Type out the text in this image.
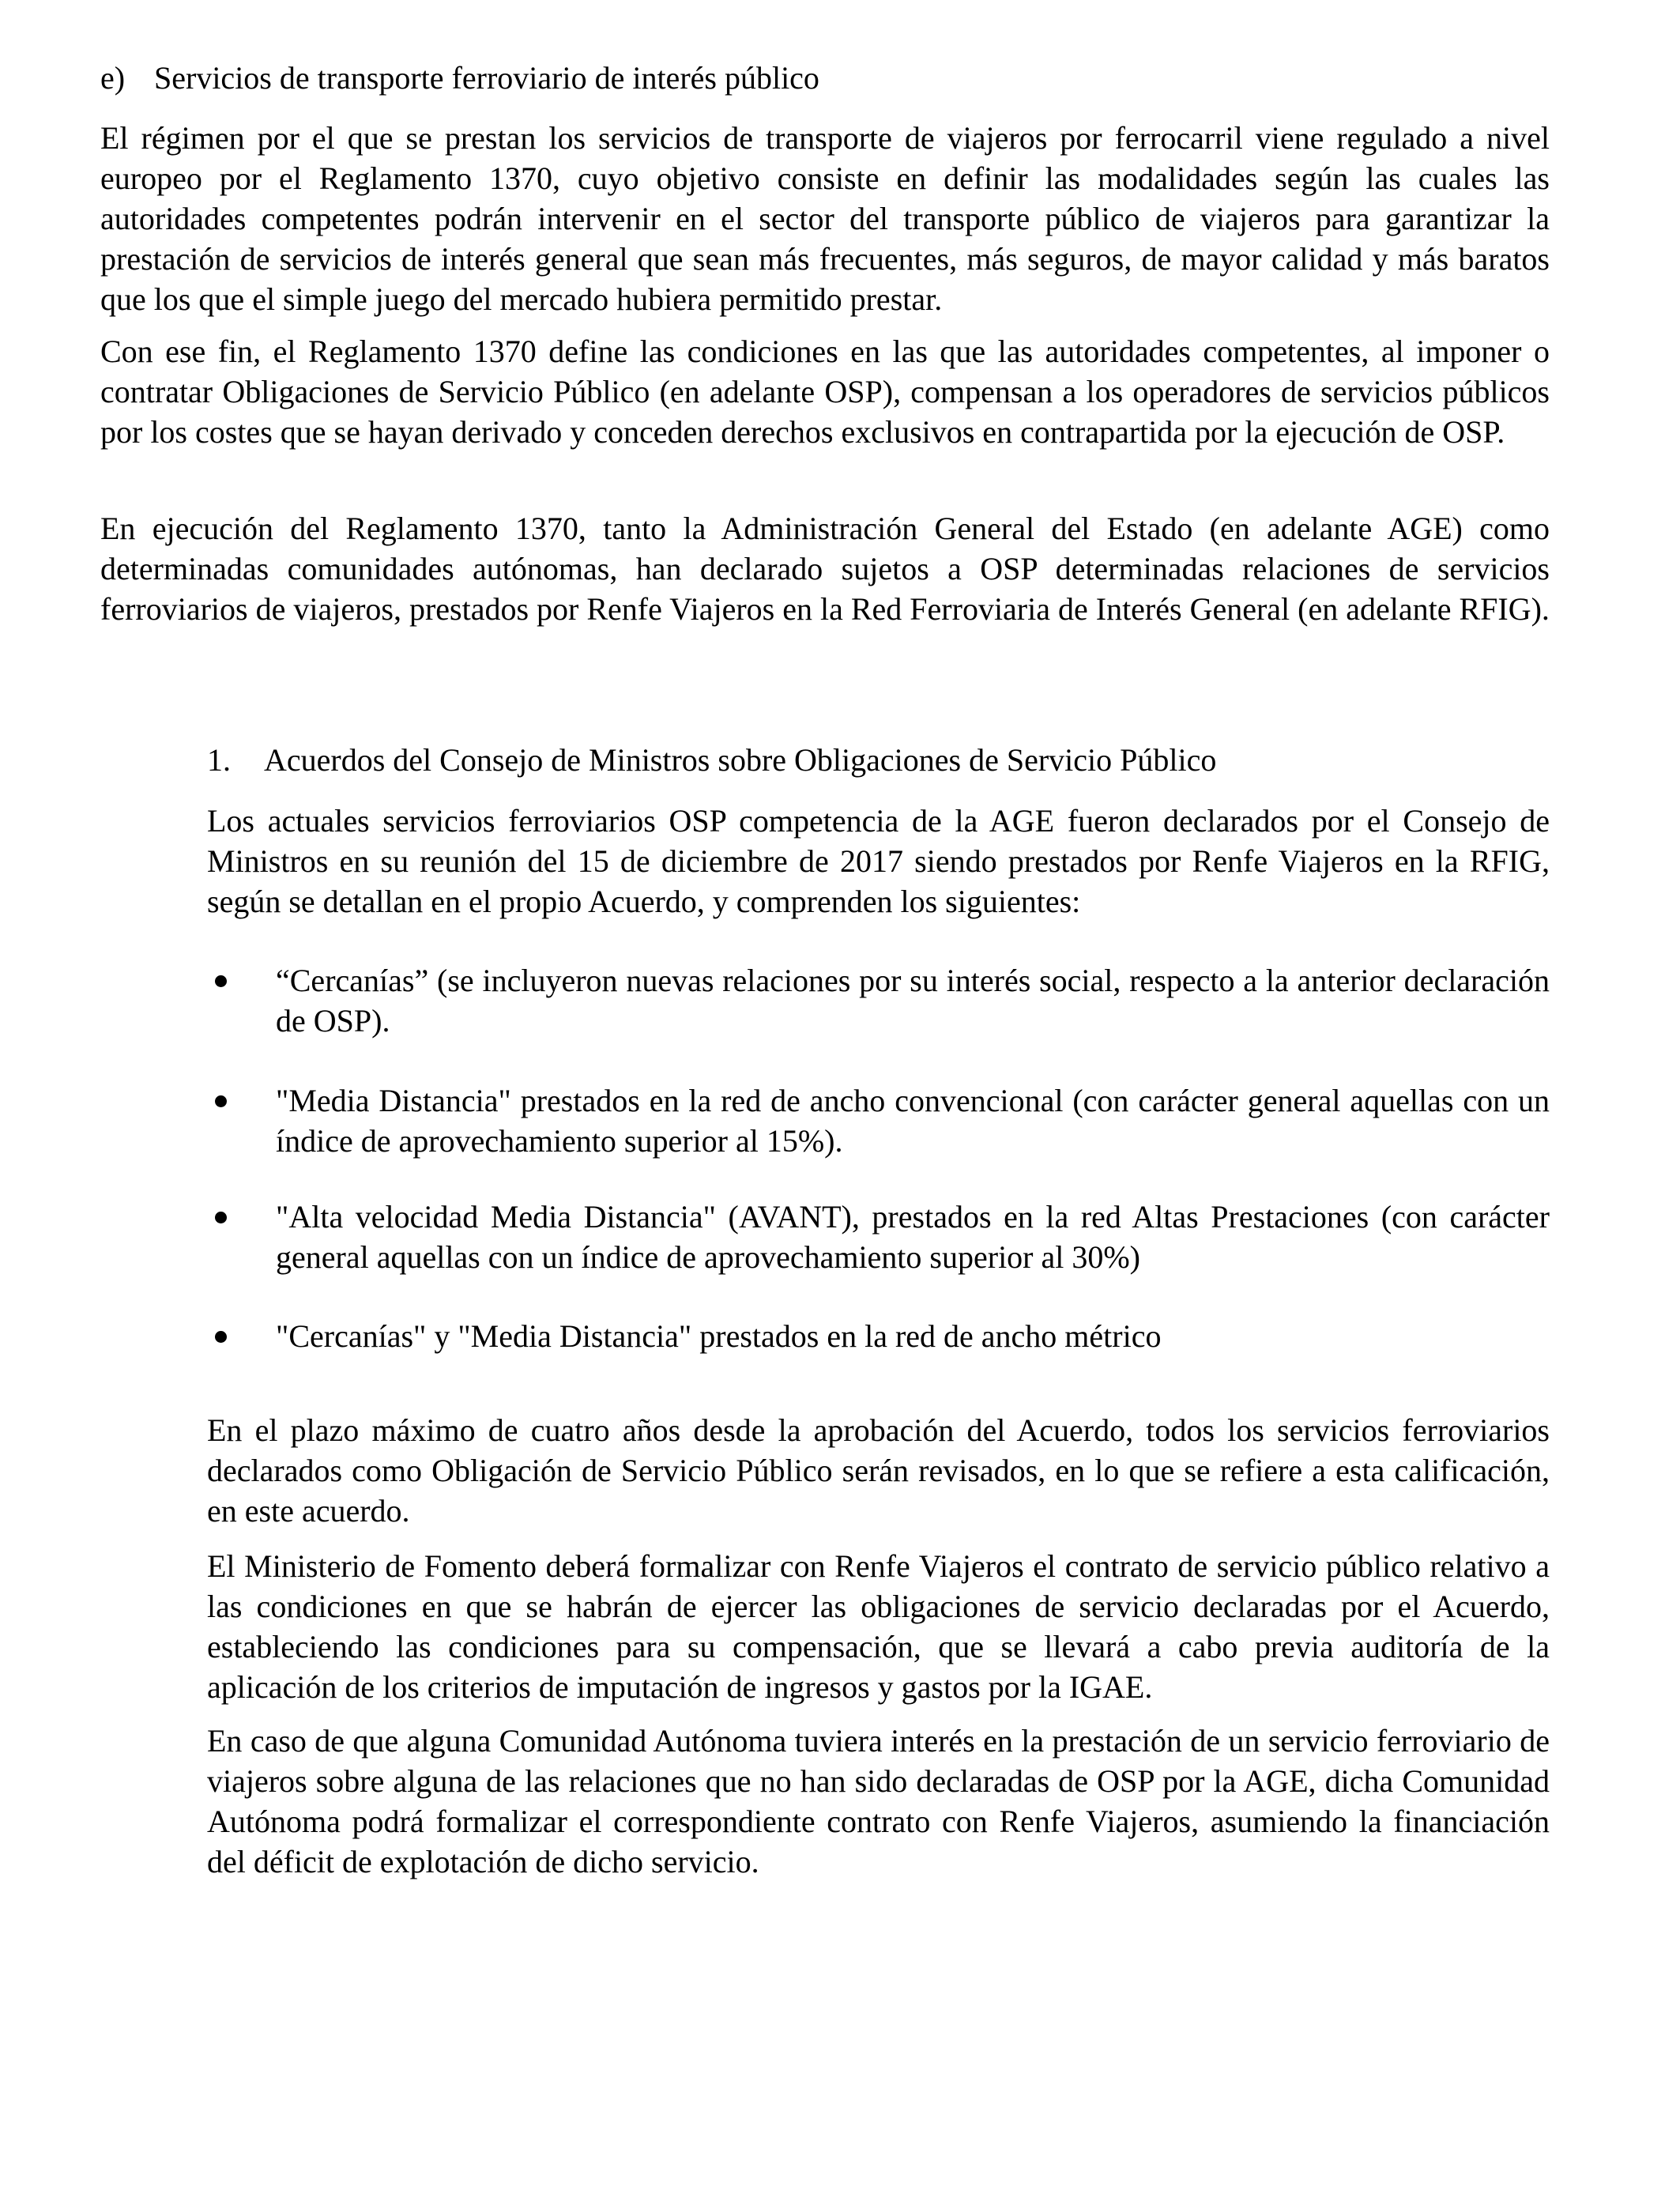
e) Servicios de transporte ferroviario de interés público

El régimen por el que se prestan los servicios de transporte de viajeros por ferrocarril viene regulado a nivel europeo por el Reglamento 1370, cuyo objetivo consiste en definir las modalidades según las cuales las autoridades competentes podrán intervenir en el sector del transporte público de viajeros para garantizar la prestación de servicios de interés general que sean más frecuentes, más seguros, de mayor calidad y más baratos que los que el simple juego del mercado hubiera permitido prestar.

Con ese fin, el Reglamento 1370 define las condiciones en las que las autoridades competentes, al imponer o contratar Obligaciones de Servicio Público (en adelante OSP), compensan a los operadores de servicios públicos por los costes que se hayan derivado y conceden derechos exclusivos en contrapartida por la ejecución de OSP.

En ejecución del Reglamento 1370, tanto la Administración General del Estado (en adelante AGE) como determinadas comunidades autónomas, han declarado sujetos a OSP determinadas relaciones de servicios ferroviarios de viajeros, prestados por Renfe Viajeros en la Red Ferroviaria de Interés General (en adelante RFIG).

1. Acuerdos del Consejo de Ministros sobre Obligaciones de Servicio Público

Los actuales servicios ferroviarios OSP competencia de la AGE fueron declarados por el Consejo de Ministros en su reunión del 15 de diciembre de 2017 siendo prestados por Renfe Viajeros en la RFIG, según se detallan en el propio Acuerdo, y comprenden los siguientes:

“Cercanías” (se incluyeron nuevas relaciones por su interés social, respecto a la anterior declaración de OSP).
"Media Distancia" prestados en la red de ancho convencional (con carácter general aquellas con un índice de aprovechamiento superior al 15%).
"Alta velocidad Media Distancia" (AVANT), prestados en la red Altas Prestaciones (con carácter general aquellas con un índice de aprovechamiento superior al 30%)
"Cercanías" y "Media Distancia" prestados en la red de ancho métrico

En el plazo máximo de cuatro años desde la aprobación del Acuerdo, todos los servicios ferroviarios declarados como Obligación de Servicio Público serán revisados, en lo que se refiere a esta calificación, en este acuerdo.

El Ministerio de Fomento deberá formalizar con Renfe Viajeros el contrato de servicio público relativo a las condiciones en que se habrán de ejercer las obligaciones de servicio declaradas por el Acuerdo, estableciendo las condiciones para su compensación, que se llevará a cabo previa auditoría de la aplicación de los criterios de imputación de ingresos y gastos por la IGAE.

En caso de que alguna Comunidad Autónoma tuviera interés en la prestación de un servicio ferroviario de viajeros sobre alguna de las relaciones que no han sido declaradas de OSP por la AGE, dicha Comunidad Autónoma podrá formalizar el correspondiente contrato con Renfe Viajeros, asumiendo la financiación del déficit de explotación de dicho servicio.
